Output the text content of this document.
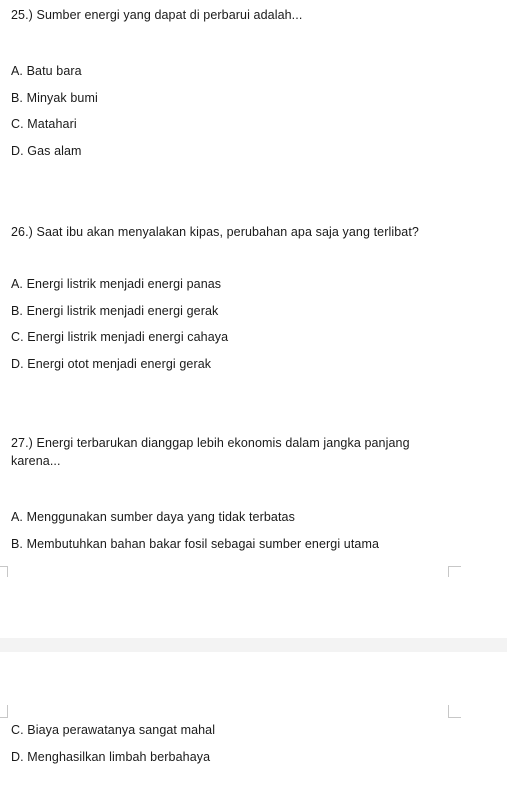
25.) Sumber energi yang dapat di perbarui adalah...
A. Batu bara
B. Minyak bumi
C. Matahari
D. Gas alam
26.) Saat ibu akan menyalakan kipas, perubahan apa saja yang terlibat?
A. Energi listrik menjadi energi panas
B. Energi listrik menjadi energi gerak
C. Energi listrik menjadi energi cahaya
D. Energi otot menjadi energi gerak
27.) Energi terbarukan dianggap lebih ekonomis dalam jangka panjang
karena...
A. Menggunakan sumber daya yang tidak terbatas
B. Membutuhkan bahan bakar fosil sebagai sumber energi utama
C. Biaya perawatanya sangat mahal
D. Menghasilkan limbah berbahaya
